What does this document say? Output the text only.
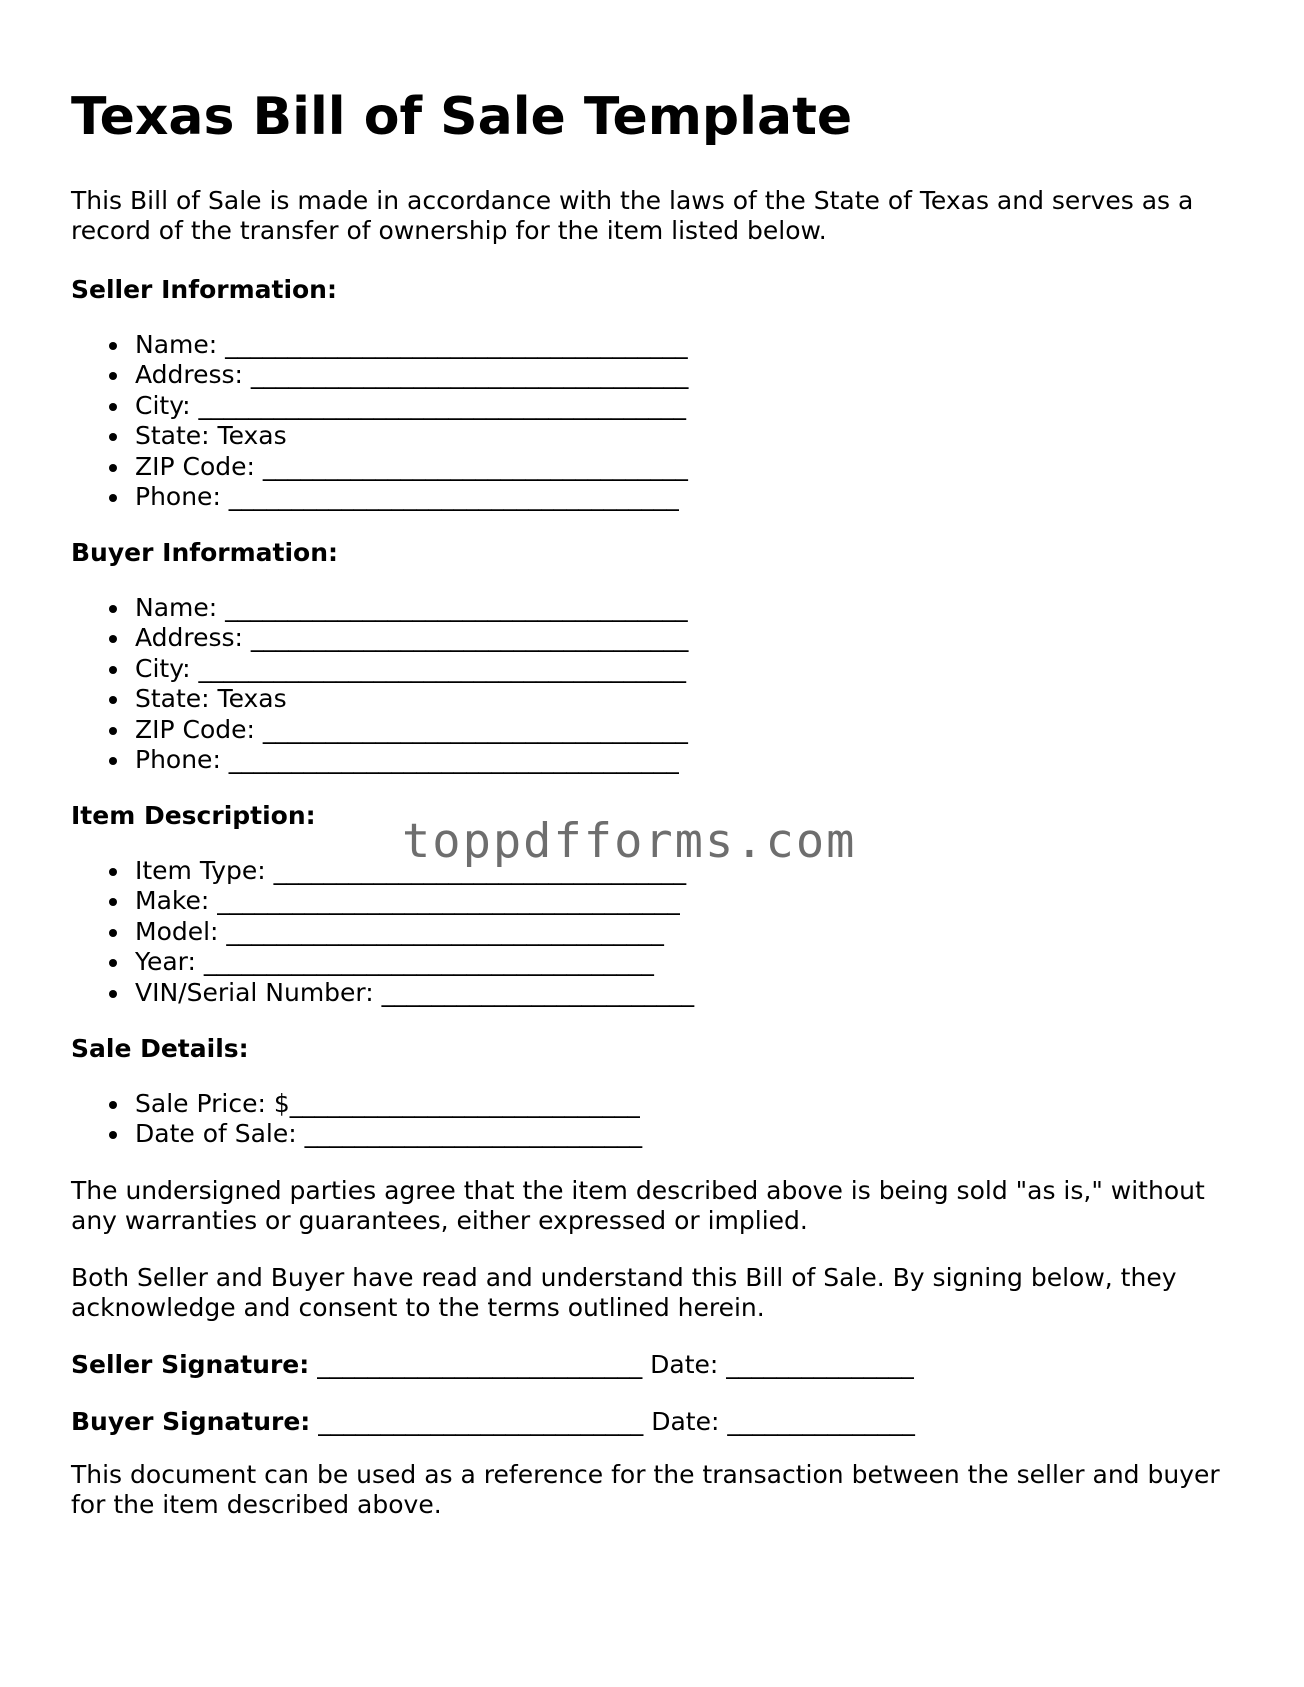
Texas Bill of Sale Template

This Bill of Sale is made in accordance with the laws of the State of Texas and serves as a record of the transfer of ownership for the item listed below.

Seller Information:
Name: _____________________________________
Address: ___________________________________
City: _______________________________________
State: Texas
ZIP Code: __________________________________
Phone: ____________________________________
Buyer Information:
Name: _____________________________________
Address: ___________________________________
City: _______________________________________
State: Texas
ZIP Code: __________________________________
Phone: ____________________________________
Item Description:
Item Type: _________________________________
Make: _____________________________________
Model: ___________________________________
Year: ____________________________________
VIN/Serial Number: _________________________
Sale Details:
Sale Price: $____________________________
Date of Sale: ___________________________

The undersigned parties agree that the item described above is being sold "as is," without any warranties or guarantees, either expressed or implied.

Both Seller and Buyer have read and understand this Bill of Sale. By signing below, they acknowledge and consent to the terms outlined herein.

Seller Signature: __________________________ Date: _______________
Buyer Signature: __________________________ Date: _______________

This document can be used as a reference for the transaction between the seller and buyer for the item described above.

toppdfforms.com
